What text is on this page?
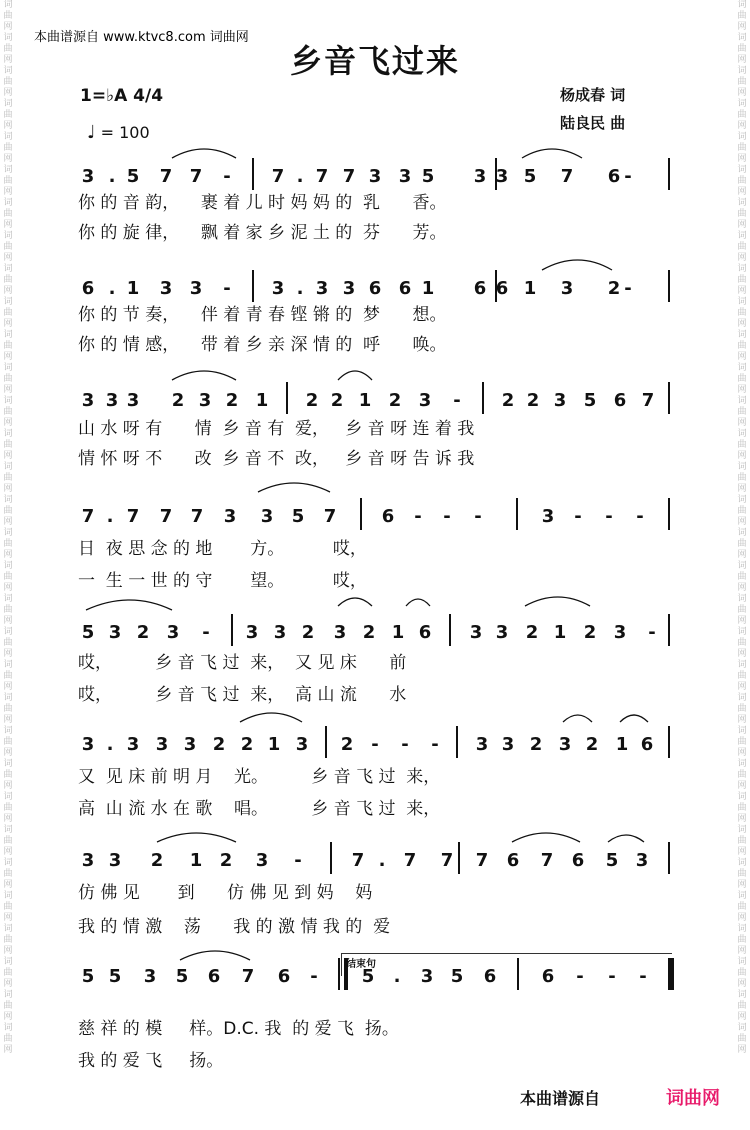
词曲网词曲网词曲网词曲网词曲网词曲网词曲网词曲网词曲网词曲网词曲网词曲网词曲网词曲网词曲网词曲网词曲网词曲网词曲网词曲网词曲网词曲网词曲网词曲网词曲网词曲网词曲网词曲网词曲网词曲网词曲网词曲网
词曲网词曲网词曲网词曲网词曲网词曲网词曲网词曲网词曲网词曲网词曲网词曲网词曲网词曲网词曲网词曲网词曲网词曲网词曲网词曲网词曲网词曲网词曲网词曲网词曲网词曲网词曲网词曲网词曲网词曲网词曲网词曲网
本曲谱源自 www.ktvc8.com 词曲网
乡音飞过来
1=♭A 4/4
♩ = 100
杨成春 词
陆良民 曲
3 . 5 7 7 - 7 . 7 7 3 3 5 3 3 5 7 6 -
你 的 音 韵，    裹 着 儿 时 妈 妈 的  乳      香。
你 的 旋 律，    飘 着 家 乡 泥 土 的  芬      芳。
6 . 1 3 3 - 3 . 3 3 6 6 1 6 6 1 3 2 -
你 的 节 奏，    伴 着 青 春 铿 锵 的  梦      想。
你 的 情 感，    带 着 乡 亲 深 情 的  呼      唤。
3 3 3 2 3 2 1 2 2 1 2 3 - 2 2 3 5 6 7
山 水 呀 有      情  乡 音 有  爱，   乡 音 呀 连 着 我
情 怀 呀 不      改  乡 音 不  改，   乡 音 呀 告 诉 我
7 . 7 7 7 3 3 5 7	6 - - -	3 - - -
日  夜 思 念 的 地       方。         哎，
一  生 一 世 的 守       望。         哎，
5 3 2 3 - 3 3 2 3 2 1 6 3 3 2 1 2 3 -
哎，        乡 音 飞 过  来，  又 见 床      前
哎，        乡 音 飞 过  来，  高 山 流      水
3 . 3 3 3 2 2 1 3 2 - - - 3 3 2 3 2 1 6
又  见 床 前 明 月    光。        乡 音 飞 过  来，
高  山 流 水 在 歌    唱。        乡 音 飞 过  来，
3 3 2 1 2 3 -	7 . 7 7 7 6 7 6 5 3
仿 佛 见       到      仿 佛 见 到 妈    妈
我 的 情 激    荡      我 的 激 情 我 的  爱
5 5 3 5 6 7 6 - 5 . 3 5 6	6 - - -
慈 祥 的 模     样。D.C. 我  的 爱 飞  扬。
我 的 爱 飞     扬。
结束句
本曲谱源自	词曲网
